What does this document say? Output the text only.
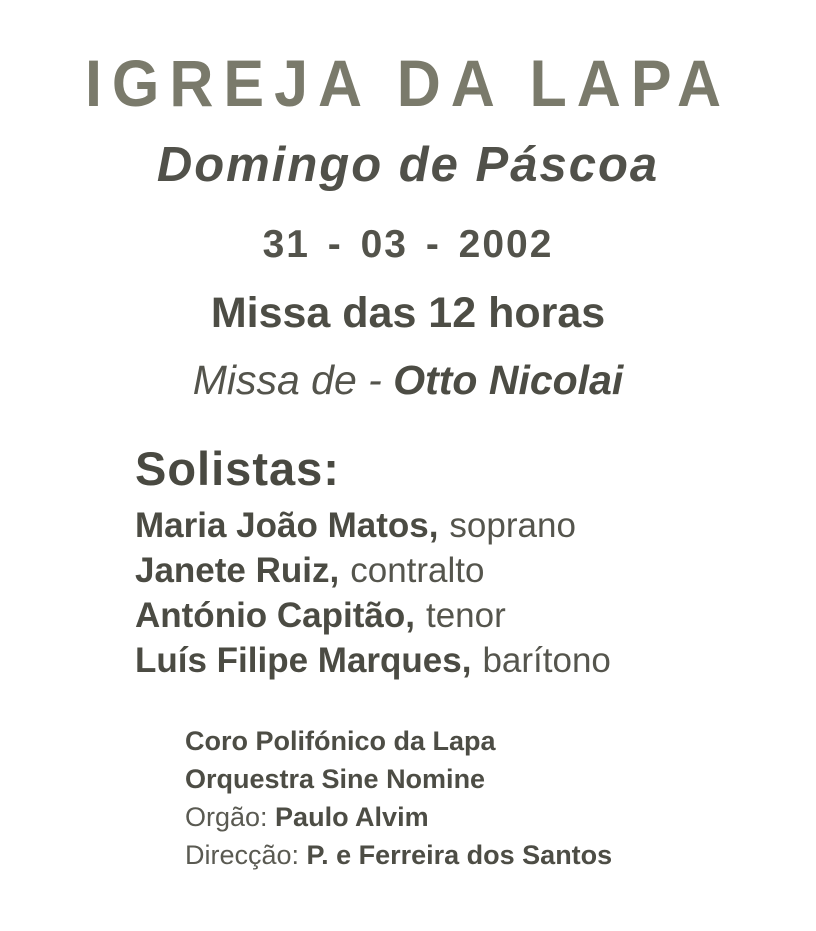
IGREJA DA LAPA
Domingo de Páscoa
31 - 03 - 2002
Missa das 12 horas
Missa de - Otto Nicolai
Solistas:
Maria João Matos, soprano
Janete Ruiz, contralto
António Capitão, tenor
Luís Filipe Marques, barítono
Coro Polifónico da Lapa
Orquestra Sine Nomine
Orgão: Paulo Alvim
Direcção: P. e Ferreira dos Santos
